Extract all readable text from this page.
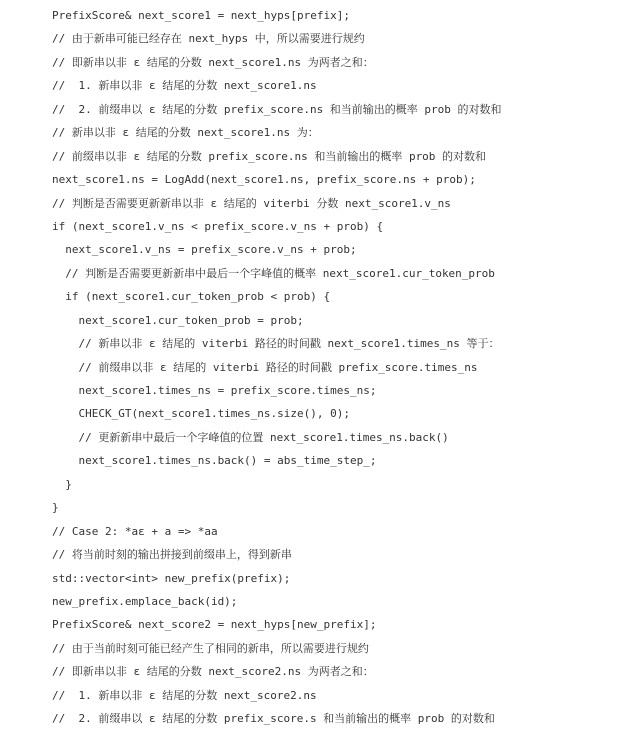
PrefixScore& next_score1 = next_hyps[prefix];
// 由于新串可能已经存在 next_hyps 中，所以需要进行规约
// 即新串以非 ε 结尾的分数 next_score1.ns 为两者之和：
//  1. 新串以非 ε 结尾的分数 next_score1.ns
//  2. 前缀串以 ε 结尾的分数 prefix_score.ns 和当前输出的概率 prob 的对数和
// 新串以非 ε 结尾的分数 next_score1.ns 为：
// 前缀串以非 ε 结尾的分数 prefix_score.ns 和当前输出的概率 prob 的对数和
next_score1.ns = LogAdd(next_score1.ns, prefix_score.ns + prob);
// 判断是否需要更新新串以非 ε 结尾的 viterbi 分数 next_score1.v_ns
if (next_score1.v_ns < prefix_score.v_ns + prob) {
next_score1.v_ns = prefix_score.v_ns + prob;
// 判断是否需要更新新串中最后一个字峰值的概率 next_score1.cur_token_prob
if (next_score1.cur_token_prob < prob) {
next_score1.cur_token_prob = prob;
// 新串以非 ε 结尾的 viterbi 路径的时间戳 next_score1.times_ns 等于：
// 前缀串以非 ε 结尾的 viterbi 路径的时间戳 prefix_score.times_ns
next_score1.times_ns = prefix_score.times_ns;
CHECK_GT(next_score1.times_ns.size(), 0);
// 更新新串中最后一个字峰值的位置 next_score1.times_ns.back()
next_score1.times_ns.back() = abs_time_step_;
}
}
// Case 2: *aε + a => *aa
// 将当前时刻的输出拼接到前缀串上，得到新串
std::vector<int> new_prefix(prefix);
new_prefix.emplace_back(id);
PrefixScore& next_score2 = next_hyps[new_prefix];
// 由于当前时刻可能已经产生了相同的新串，所以需要进行规约
// 即新串以非 ε 结尾的分数 next_score2.ns 为两者之和：
//  1. 新串以非 ε 结尾的分数 next_score2.ns
//  2. 前缀串以 ε 结尾的分数 prefix_score.s 和当前输出的概率 prob 的对数和
